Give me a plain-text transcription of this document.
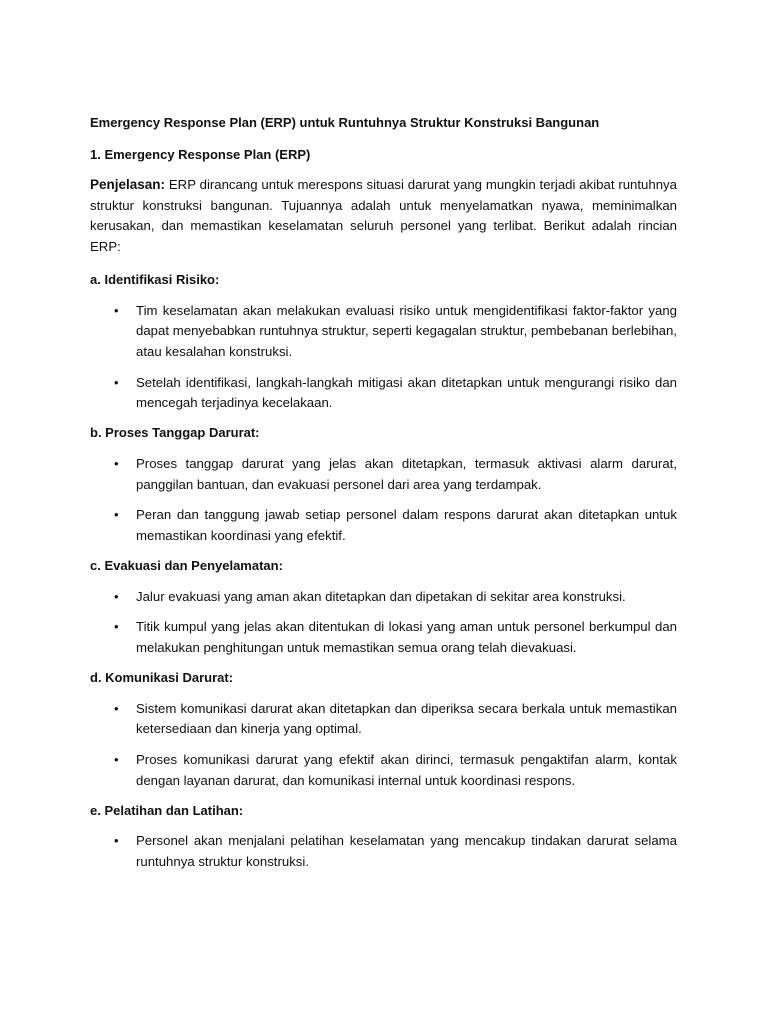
Emergency Response Plan (ERP) untuk Runtuhnya Struktur Konstruksi Bangunan

1. Emergency Response Plan (ERP)

Penjelasan: ERP dirancang untuk merespons situasi darurat yang mungkin terjadi akibat runtuhnya struktur konstruksi bangunan. Tujuannya adalah untuk menyelamatkan nyawa, meminimalkan kerusakan, dan memastikan keselamatan seluruh personel yang terlibat. Berikut adalah rincian ERP:

a. Identifikasi Risiko:

• Tim keselamatan akan melakukan evaluasi risiko untuk mengidentifikasi faktor-faktor yang dapat menyebabkan runtuhnya struktur, seperti kegagalan struktur, pembebanan berlebihan, atau kesalahan konstruksi.
• Setelah identifikasi, langkah-langkah mitigasi akan ditetapkan untuk mengurangi risiko dan mencegah terjadinya kecelakaan.

b. Proses Tanggap Darurat:

• Proses tanggap darurat yang jelas akan ditetapkan, termasuk aktivasi alarm darurat, panggilan bantuan, dan evakuasi personel dari area yang terdampak.
• Peran dan tanggung jawab setiap personel dalam respons darurat akan ditetapkan untuk memastikan koordinasi yang efektif.

c. Evakuasi dan Penyelamatan:

• Jalur evakuasi yang aman akan ditetapkan dan dipetakan di sekitar area konstruksi.
• Titik kumpul yang jelas akan ditentukan di lokasi yang aman untuk personel berkumpul dan melakukan penghitungan untuk memastikan semua orang telah dievakuasi.

d. Komunikasi Darurat:

• Sistem komunikasi darurat akan ditetapkan dan diperiksa secara berkala untuk memastikan ketersediaan dan kinerja yang optimal.
• Proses komunikasi darurat yang efektif akan dirinci, termasuk pengaktifan alarm, kontak dengan layanan darurat, dan komunikasi internal untuk koordinasi respons.

e. Pelatihan dan Latihan:

• Personel akan menjalani pelatihan keselamatan yang mencakup tindakan darurat selama runtuhnya struktur konstruksi.
